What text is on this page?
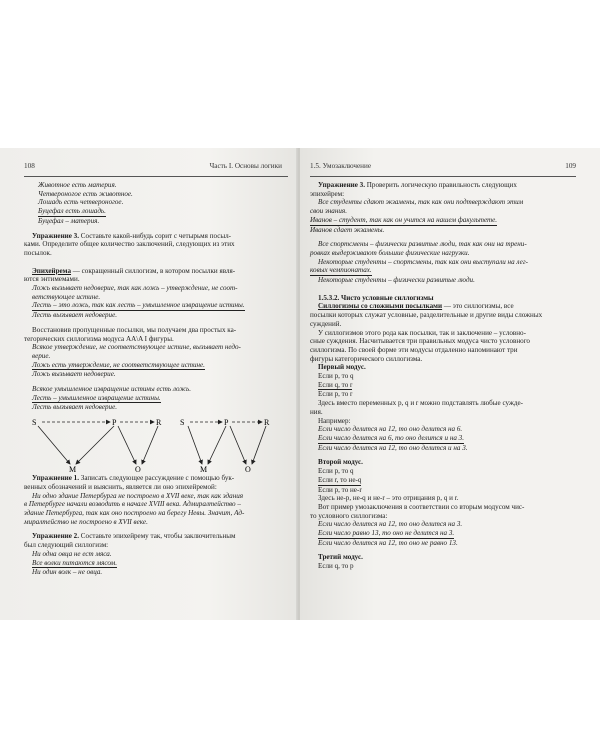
108	Часть I. Основы логики
Животное есть материя.
Четвероногое есть животное.
Лошадь есть четвероногое.
Буцефал есть лошадь.
Буцефал – материя.
Упражнение 3. Составьте какой-нибудь сорит с четырьмя посыл-
ками. Определите общее количество заключений, следующих из этих
посылок.
Эпихейрема — сокращенный силлогизм, в котором посылки явля-
ются энтимемами.
Ложь вызывает недоверие, так как ложь – утверждение, не соот-
ветствующее истине.
Лесть – это ложь, так как лесть – умышленное извращение истины.
Лесть вызывает недоверие.
Восстановив пропущенные посылки, мы получаем два простых ка-
тегорических силлогизма модуса AA\A I фигуры.
Всякое утверждение, не соответствующее истине, вызывает недо-
верие.
Ложь есть утверждение, не соответствующее истине.
Ложь вызывает недоверие.
Всякое умышленное извращение истины есть ложь.
Лесть – умышленное извращение истины.
Лесть вызывает недоверие.
S	P	R
M	O
S	P	R
M	O
Упражнение 1. Записать следующее рассуждение с помощью бук-
венных обозначений и выяснить, является ли оно эпихейремой:
Ни одно здание Петербурга не построено в XVII веке, так как здания
в Петербурге начали возводить в начале XVIII века. Адмиралтейство –
здание Петербурга, так как оно построено на берегу Невы. Значит, Ад-
миралтейство не построено в XVII веке.
Упражнение 2. Составьте эпихейрему так, чтобы заключительным
был следующий силлогизм:
Ни одна овца не ест мяса.
Все волки питаются мясом.
Ни один волк – не овца.
1.5. Умозаключение	109
Упражнение 3. Проверить логическую правильность следующих
эпихейрем:
Все студенты сдают экзамены, так как они подтверждают этим
свои знания.
Иванов – студент, так как он учится на нашем факультете.
Иванов сдает экзамены.
Все спортсмены – физически развитые люди, так как они на трени-
ровках выдерживают большие физические нагрузки.
Некоторые студенты – спортсмены, так как они выступали на лег-
ковых чемпионатах.
Некоторые студенты – физически развитые люди.
1.5.3.2. Чисто условные силлогизмы
Силлогизмы со сложными посылками — это силлогизмы, все
посылки которых служат условные, разделительные и другие виды сложных
суждений.
У силлогизмов этого рода как посылки, так и заключение – условно-
сные суждения. Насчитывается три правильных модуса чисто условного
силлогизма. По своей форме эти модусы отдаленно напоминают три
фигуры категорического силлогизма.
Первый модус.
Если p, то q
Если q, то r
Если p, то r
Здесь вместо переменных p, q и r можно подставлять любые сужде-
ния.
Например:
Если число делится на 12, то оно делится на 6.
Если число делится на 6, то оно делится и на 3.
Если число делится на 12, то оно делится и на 3.
Второй модус.
Если p, то q
Если r, то не-q
Если p, то не-r
Здесь не-p, не-q и не-r – это отрицания p, q и r.
Вот пример умозаключения в соответствии со вторым модусом чис-
то условного силлогизма:
Если число делится на 12, то оно делится на 3.
Если число равно 13, то оно не делится на 3.
Если число делится на 12, то оно не равно 13.
Третий модус.
Если q, то p
